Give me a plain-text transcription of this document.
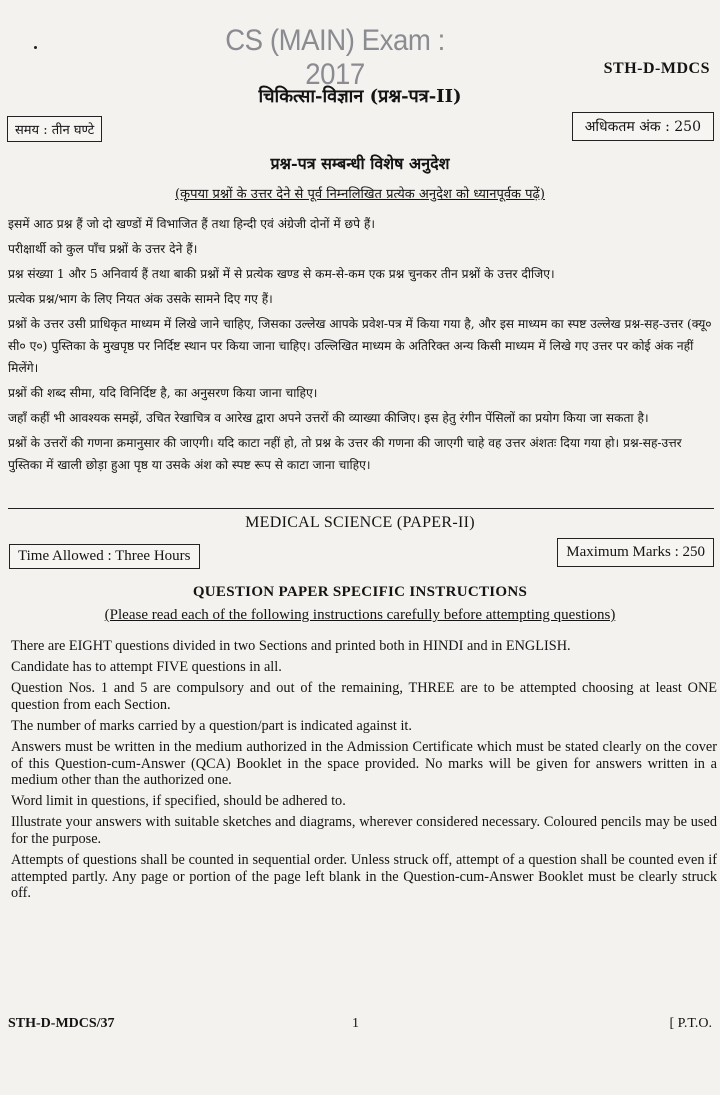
CS (MAIN) Exam : 2017	STH-D-MDCS
चिकित्सा-विज्ञान (प्रश्न-पत्र-II)
समय : तीन घण्टे	अधिकतम अंक : 250
प्रश्न-पत्र सम्बन्धी विशेष अनुदेश
(कृपया प्रश्नों के उत्तर देने से पूर्व निम्नलिखित प्रत्येक अनुदेश को ध्यानपूर्वक पढ़ें)

इसमें आठ प्रश्न हैं जो दो खण्डों में विभाजित हैं तथा हिन्दी एवं अंग्रेजी दोनों में छपे हैं।

परीक्षार्थी को कुल पाँच प्रश्नों के उत्तर देने हैं।

प्रश्न संख्या 1 और 5 अनिवार्य हैं तथा बाकी प्रश्नों में से प्रत्येक खण्ड से कम-से-कम एक प्रश्न चुनकर तीन प्रश्नों के उत्तर दीजिए।

प्रत्येक प्रश्न/भाग के लिए नियत अंक उसके सामने दिए गए हैं।

प्रश्नों के उत्तर उसी प्राधिकृत माध्यम में लिखे जाने चाहिए, जिसका उल्लेख आपके प्रवेश-पत्र में किया गया है, और इस माध्यम का स्पष्ट उल्लेख प्रश्न-सह-उत्तर (क्यू० सी० ए०) पुस्तिका के मुखपृष्ठ पर निर्दिष्ट स्थान पर किया जाना चाहिए। उल्लिखित माध्यम के अतिरिक्त अन्य किसी माध्यम में लिखे गए उत्तर पर कोई अंक नहीं मिलेंगे।

प्रश्नों की शब्द सीमा, यदि विनिर्दिष्ट है, का अनुसरण किया जाना चाहिए।

जहाँ कहीं भी आवश्यक समझें, उचित रेखाचित्र व आरेख द्वारा अपने उत्तरों की व्याख्या कीजिए। इस हेतु रंगीन पेंसिलों का प्रयोग किया जा सकता है।

प्रश्नों के उत्तरों की गणना क्रमानुसार की जाएगी। यदि काटा नहीं हो, तो प्रश्न के उत्तर की गणना की जाएगी चाहे वह उत्तर अंशतः दिया गया हो। प्रश्न-सह-उत्तर पुस्तिका में खाली छोड़ा हुआ पृष्ठ या उसके अंश को स्पष्ट रूप से काटा जाना चाहिए।

MEDICAL SCIENCE (PAPER-II)
Time Allowed : Three Hours	Maximum Marks : 250
QUESTION PAPER SPECIFIC INSTRUCTIONS
(Please read each of the following instructions carefully before attempting questions)

There are EIGHT questions divided in two Sections and printed both in HINDI and in ENGLISH.

Candidate has to attempt FIVE questions in all.

Question Nos. 1 and 5 are compulsory and out of the remaining, THREE are to be attempted choosing at least ONE question from each Section.

The number of marks carried by a question/part is indicated against it.

Answers must be written in the medium authorized in the Admission Certificate which must be stated clearly on the cover of this Question-cum-Answer (QCA) Booklet in the space provided. No marks will be given for answers written in a medium other than the authorized one.

Word limit in questions, if specified, should be adhered to.

Illustrate your answers with suitable sketches and diagrams, wherever considered necessary. Coloured pencils may be used for the purpose.

Attempts of questions shall be counted in sequential order. Unless struck off, attempt of a question shall be counted even if attempted partly. Any page or portion of the page left blank in the Question-cum-Answer Booklet must be clearly struck off.

STH-D-MDCS/37	1	[ P.T.O.
